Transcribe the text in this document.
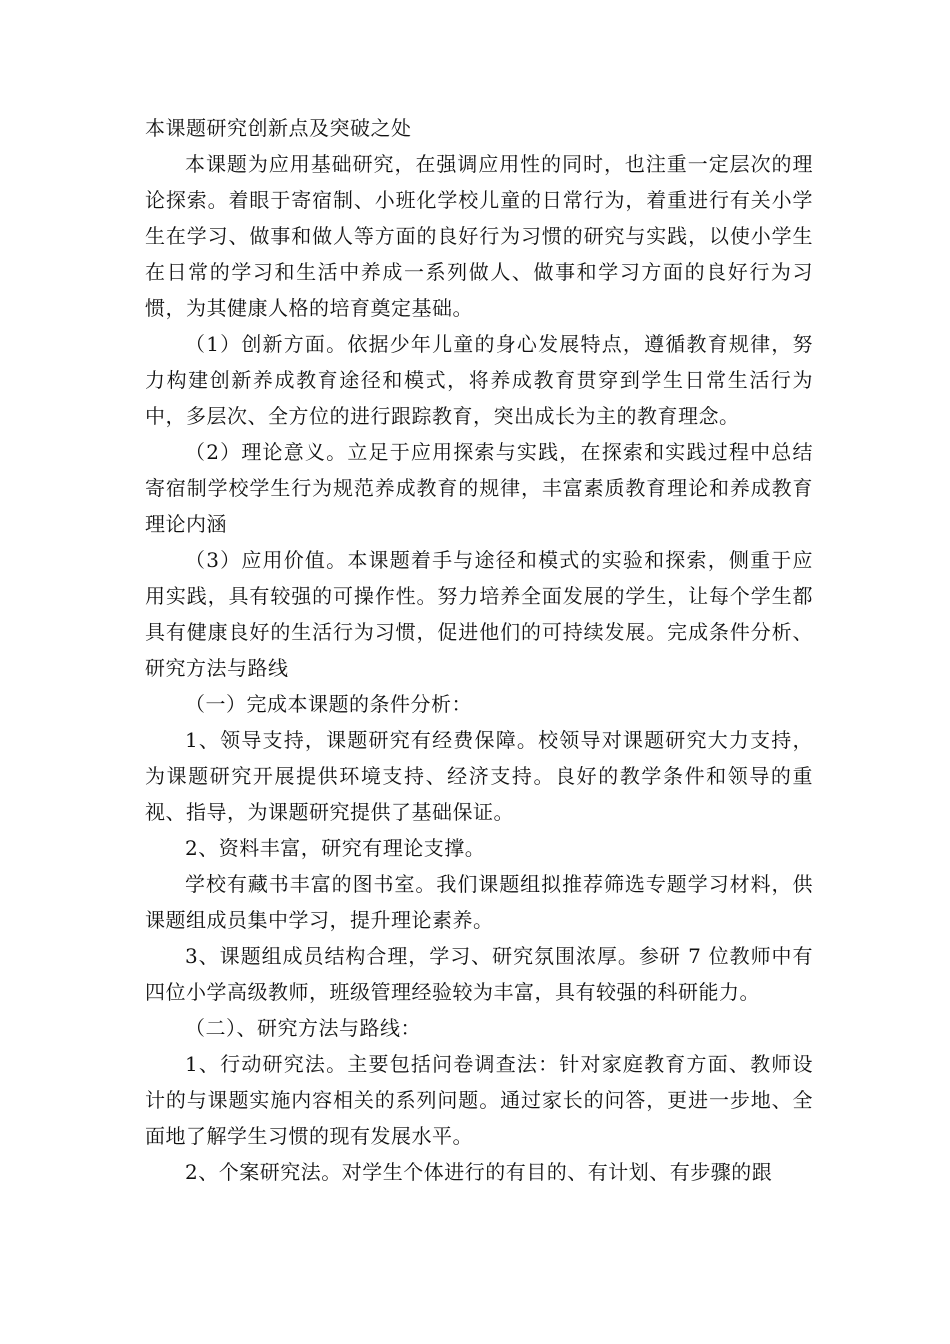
本课题研究创新点及突破之处

本课题为应用基础研究，在强调应用性的同时，也注重一定层次的理论探索。着眼于寄宿制、小班化学校儿童的日常行为，着重进行有关小学生在学习、做事和做人等方面的良好行为习惯的研究与实践，以使小学生在日常的学习和生活中养成一系列做人、做事和学习方面的良好行为习惯，为其健康人格的培育奠定基础。

（1）创新方面。依据少年儿童的身心发展特点，遵循教育规律，努力构建创新养成教育途径和模式，将养成教育贯穿到学生日常生活行为中，多层次、全方位的进行跟踪教育，突出成长为主的教育理念。

（2）理论意义。立足于应用探索与实践，在探索和实践过程中总结寄宿制学校学生行为规范养成教育的规律，丰富素质教育理论和养成教育理论内涵

（3）应用价值。本课题着手与途径和模式的实验和探索，侧重于应用实践，具有较强的可操作性。努力培养全面发展的学生，让每个学生都具有健康良好的生活行为习惯，促进他们的可持续发展。完成条件分析、研究方法与路线

（一）完成本课题的条件分析：

1、领导支持，课题研究有经费保障。校领导对课题研究大力支持，为课题研究开展提供环境支持、经济支持。良好的教学条件和领导的重视、指导，为课题研究提供了基础保证。

2、资料丰富，研究有理论支撑。

学校有藏书丰富的图书室。我们课题组拟推荐筛选专题学习材料，供课题组成员集中学习，提升理论素养。

3、课题组成员结构合理，学习、研究氛围浓厚。参研 7 位教师中有四位小学高级教师，班级管理经验较为丰富，具有较强的科研能力。

（二）、研究方法与路线：

1、行动研究法。主要包括问卷调查法：针对家庭教育方面、教师设计的与课题实施内容相关的系列问题。通过家长的问答，更进一步地、全面地了解学生习惯的现有发展水平。

2、个案研究法。对学生个体进行的有目的、有计划、有步骤的跟
